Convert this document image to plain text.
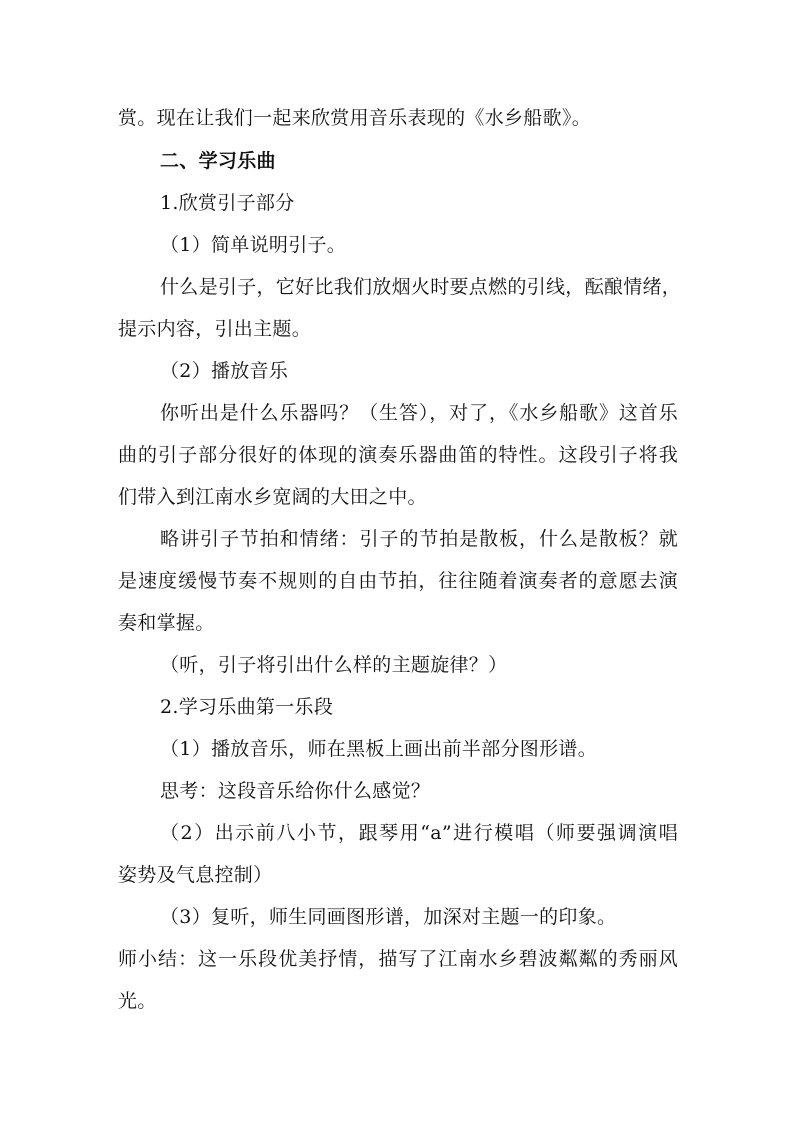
赏。现在让我们一起来欣赏用音乐表现的《水乡船歌》。
二、学习乐曲
1.欣赏引子部分
（1）简单说明引子。
什么是引子，它好比我们放烟火时要点燃的引线，酝酿情绪，
提示内容，引出主题。
（2）播放音乐
你听出是什么乐器吗？（生答），对了，《水乡船歌》这首乐
曲的引子部分很好的体现的演奏乐器曲笛的特性。这段引子将我
们带入到江南水乡宽阔的大田之中。
略讲引子节拍和情绪：引子的节拍是散板，什么是散板？就
是速度缓慢节奏不规则的自由节拍，往往随着演奏者的意愿去演
奏和掌握。
（听，引子将引出什么样的主题旋律？）
2.学习乐曲第一乐段
（1）播放音乐，师在黑板上画出前半部分图形谱。
思考：这段音乐给你什么感觉？
（2）出示前八小节，跟琴用“a”进行模唱（师要强调演唱
姿势及气息控制）
（3）复听，师生同画图形谱，加深对主题一的印象。
师小结：这一乐段优美抒情，描写了江南水乡碧波粼粼的秀丽风
光。
